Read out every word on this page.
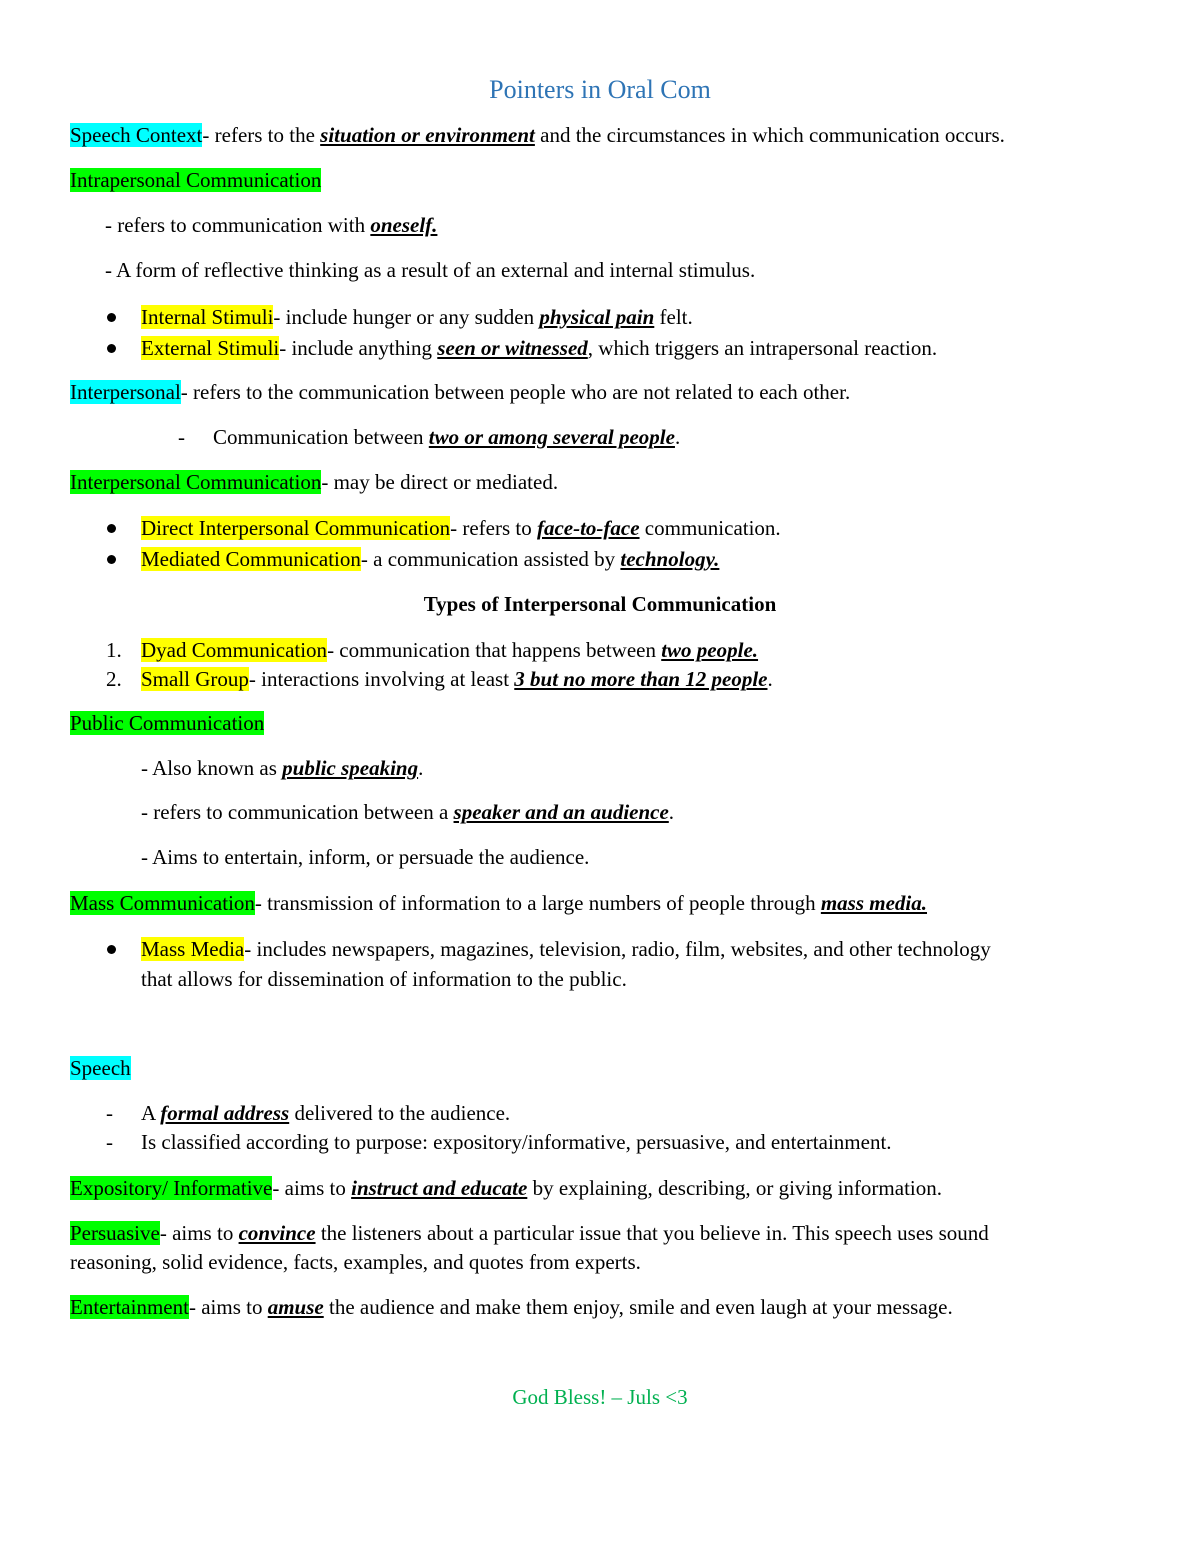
Pointers in Oral Com
Speech Context- refers to the situation or environment and the circumstances in which communication occurs.
Intrapersonal Communication
- refers to communication with oneself.
- A form of reflective thinking as a result of an external and internal stimulus.
Internal Stimuli- include hunger or any sudden physical pain felt.
External Stimuli- include anything seen or witnessed, which triggers an intrapersonal reaction.
Interpersonal- refers to the communication between people who are not related to each other.
- Communication between two or among several people.
Interpersonal Communication- may be direct or mediated.
Direct Interpersonal Communication- refers to face-to-face communication.
Mediated Communication- a communication assisted by technology.
Types of Interpersonal Communication
1. Dyad Communication- communication that happens between two people.
2. Small Group- interactions involving at least 3 but no more than 12 people.
Public Communication
- Also known as public speaking.
- refers to communication between a speaker and an audience.
- Aims to entertain, inform, or persuade the audience.
Mass Communication- transmission of information to a large numbers of people through mass media.
Mass Media- includes newspapers, magazines, television, radio, film, websites, and other technology
that allows for dissemination of information to the public.
Speech
- A formal address delivered to the audience.
- Is classified according to purpose: expository/informative, persuasive, and entertainment.
Expository/ Informative- aims to instruct and educate by explaining, describing, or giving information.
Persuasive- aims to convince the listeners about a particular issue that you believe in. This speech uses sound
reasoning, solid evidence, facts, examples, and quotes from experts.
Entertainment- aims to amuse the audience and make them enjoy, smile and even laugh at your message.
God Bless! – Juls <3
